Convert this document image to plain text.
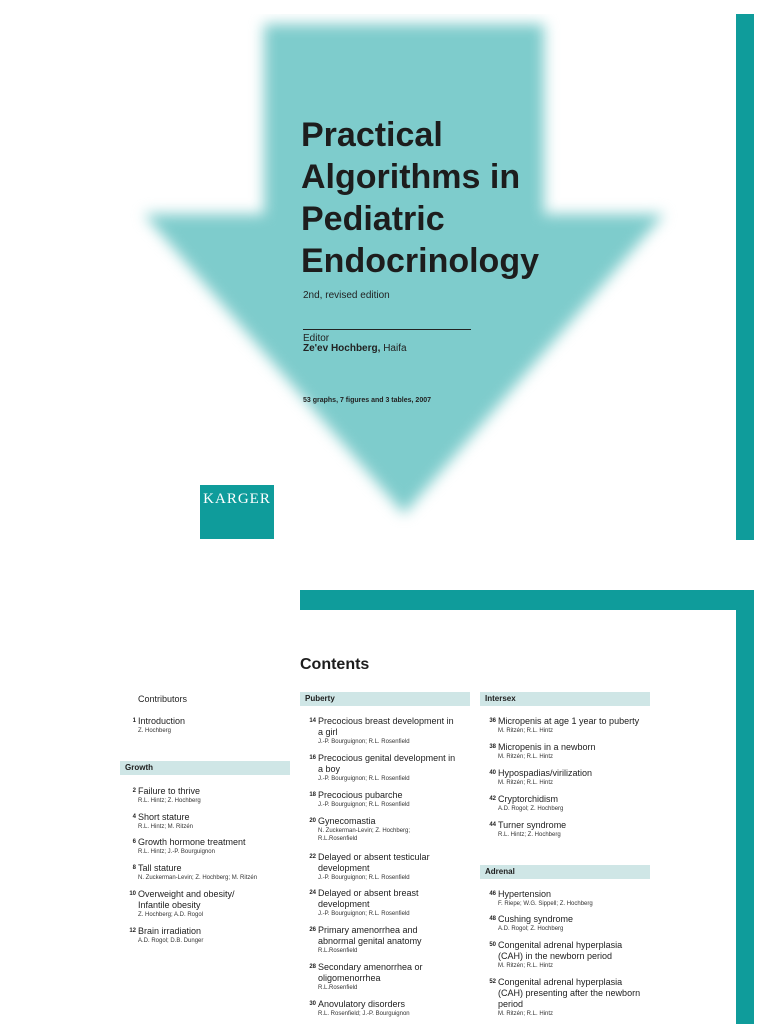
Practical
Algorithms in
Pediatric
Endocrinology
2nd, revised edition
Editor
Ze'ev Hochberg, Haifa
53 graphs, 7 figures and 3 tables, 2007
KARGER
Contents
Contributors
1 Introduction
Z. Hochberg
Growth
2 Failure to thrive
R.L. Hintz; Z. Hochberg
4 Short stature
R.L. Hintz; M. Ritzén
6 Growth hormone treatment
R.L. Hintz; J.-P. Bourguignon
8 Tall stature
N. Zuckerman-Levin; Z. Hochberg; M. Ritzén
10 Overweight and obesity/ Infantile obesity
Z. Hochberg; A.D. Rogol
12 Brain irradiation
A.D. Rogol; D.B. Dunger
Puberty
14 Precocious breast development in a girl
J.-P. Bourguignon; R.L. Rosenfield
16 Precocious genital development in a boy
J.-P. Bourguignon; R.L. Rosenfield
18 Precocious pubarche
J.-P. Bourguignon; R.L. Rosenfield
20 Gynecomastia
N. Zuckerman-Levin; Z. Hochberg; R.L.Rosenfield
22 Delayed or absent testicular development
J.-P. Bourguignon; R.L. Rosenfield
24 Delayed or absent breast development
J.-P. Bourguignon; R.L. Rosenfield
26 Primary amenorrhea and abnormal genital anatomy
R.L.Rosenfield
28 Secondary amenorrhea or oligomenorrhea
R.L.Rosenfield
30 Anovulatory disorders
R.L. Rosenfield; J.-P. Bourguignon
Intersex
36 Micropenis at age 1 year to puberty
M. Ritzén; R.L. Hintz
38 Micropenis in a newborn
M. Ritzén; R.L. Hintz
40 Hypospadias/virilization
M. Ritzén; R.L. Hintz
42 Cryptorchidism
A.D. Rogol; Z. Hochberg
44 Turner syndrome
R.L. Hintz; Z. Hochberg
Adrenal
46 Hypertension
F. Riepe; W.G. Sippell; Z. Hochberg
48 Cushing syndrome
A.D. Rogol; Z. Hochberg
50 Congenital adrenal hyperplasia (CAH) in the newborn period
M. Ritzén; R.L. Hintz
52 Congenital adrenal hyperplasia (CAH) presenting after the newborn period
M. Ritzén; R.L. Hintz
